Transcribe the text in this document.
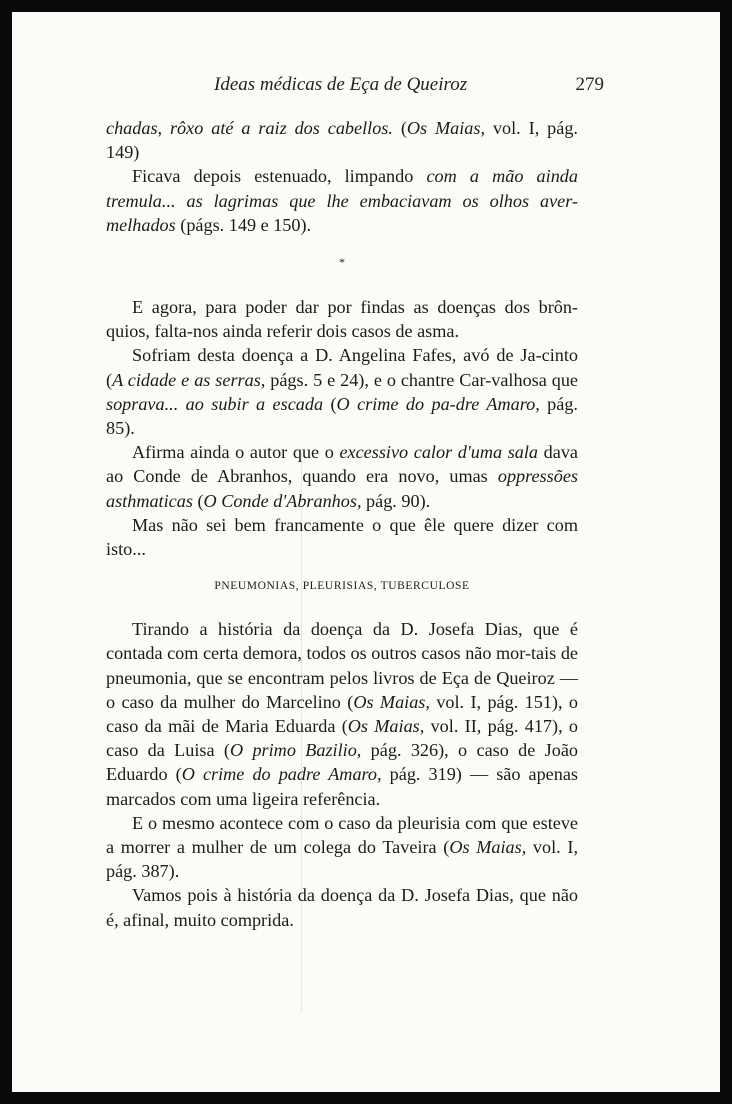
Ideas médicas de Eça de Queiroz	279

chadas, rôxo até a raiz dos cabellos. (Os Maias, vol. I, pág. 149)

Ficava depois estenuado, limpando com a mão ainda tremula... as lagrimas que lhe embaciavam os olhos aver-melhados (págs. 149 e 150).

*

E agora, para poder dar por findas as doenças dos brôn-quios, falta-nos ainda referir dois casos de asma.

Sofriam desta doença a D. Angelina Fafes, avó de Ja-cinto (A cidade e as serras, págs. 5 e 24), e o chantre Car-valhosa que soprava... ao subir a escada (O crime do pa-dre Amaro, pág. 85).

Afirma ainda o autor que o excessivo calor d'uma sala dava ao Conde de Abranhos, quando era novo, umas oppressões asthmaticas (O Conde d'Abranhos, pág. 90).

Mas não sei bem francamente o que êle quere dizer com isto...

PNEUMONIAS, PLEURISIAS, TUBERCULOSE

Tirando a história da doença da D. Josefa Dias, que é contada com certa demora, todos os outros casos não mor-tais de pneumonia, que se encontram pelos livros de Eça de Queiroz — o caso da mulher do Marcelino (Os Maias, vol. I, pág. 151), o caso da mãi de Maria Eduarda (Os Maias, vol. II, pág. 417), o caso da Luisa (O primo Bazilio, pág. 326), o caso de João Eduardo (O crime do padre Amaro, pág. 319) — são apenas marcados com uma ligeira referência.

E o mesmo acontece com o caso da pleurisia com que esteve a morrer a mulher de um colega do Taveira (Os Maias, vol. I, pág. 387).

Vamos pois à história da doença da D. Josefa Dias, que não é, afinal, muito comprida.
